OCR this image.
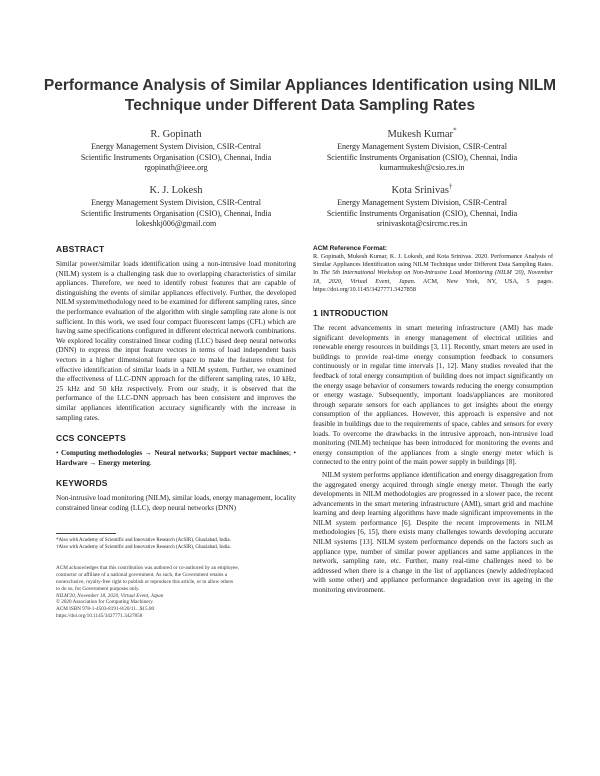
Performance Analysis of Similar Appliances Identification using NILM Technique under Different Data Sampling Rates
R. Gopinath
Energy Management System Division, CSIR-Central
Scientific Instruments Organisation (CSIO), Chennai, India
rgopinath@ieee.org
Mukesh Kumar*
Energy Management System Division, CSIR-Central
Scientific Instruments Organisation (CSIO), Chennai, India
kumarmukesh@csio.res.in
K. J. Lokesh
Energy Management System Division, CSIR-Central
Scientific Instruments Organisation (CSIO), Chennai, India
lokeshkj006@gmail.com
Kota Srinivas†
Energy Management System Division, CSIR-Central
Scientific Instruments Organisation (CSIO), Chennai, India
srinivaskota@csircmc.res.in
ABSTRACT

Similar power/similar loads identification using a non-intrusive load monitoring (NILM) system is a challenging task due to overlapping characteristics of similar appliances. Therefore, we need to identify robust features that are capable of distinguishing the events of similar appliances effectively. Further, the developed NILM system/methodology need to be examined for different sampling rates, since the performance evaluation of the algorithm with single sampling rate alone is not sufficient. In this work, we used four compact fluorescent lamps (CFL) which are having same specifications configured in different electrical network combinations. We explored locality constrained linear coding (LLC) based deep neural networks (DNN) to express the input feature vectors in terms of load independent basis vectors in a higher dimensional feature space to make the features robust for effective identification of similar loads in a NILM system. Further, we examined the effectiveness of LLC-DNN approach for the different sampling rates, 10 kHz, 25 kHz and 50 kHz respectively. From our study, it is observed that the performance of the LLC-DNN approach has been consistent and improves the similar appliances identification accuracy significantly with the increase in sampling rates.

CCS CONCEPTS

• Computing methodologies → Neural networks; Support vector machines; • Hardware → Energy metering.

KEYWORDS

Non-intrusive load monitoring (NILM), similar loads, energy management, locality constrained linear coding (LLC), deep neural networks (DNN)

*Also with Academy of Scientific and Innovative Research (AcSIR), Ghaziabad, India.
†Also with Academy of Scientific and Innovative Research (AcSIR), Ghaziabad, India.
ACM acknowledges that this contribution was authored or co-authored by an employee,
contractor or affiliate of a national government. As such, the Government retains a
nonexclusive, royalty-free right to publish or reproduce this article, or to allow others
to do so, for Government purposes only.
NILM'20, November 18, 2020, Virtual Event, Japan
© 2020 Association for Computing Machinery.
ACM ISBN 978-1-4503-8191-8/20/11...$15.00
https://doi.org/10.1145/3427771.3427858
ACM Reference Format:

R. Gopinath, Mukesh Kumar, K. J. Lokesh, and Kota Srinivas. 2020. Performance Analysis of Similar Appliances Identification using NILM Technique under Different Data Sampling Rates. In The 5th International Workshop on Non-Intrusive Load Monitoring (NILM '20), November 18, 2020, Virtual Event, Japan. ACM, New York, NY, USA, 5 pages. https://doi.org/10.1145/3427771.3427858

1 INTRODUCTION

The recent advancements in smart metering infrastructure (AMI) has made significant developments in energy management of electrical utilities and renewable energy resources in buildings [3, 11]. Recently, smart meters are used in buildings to provide real-time energy consumption feedback to consumers continuously or in regular time intervals [1, 12]. Many studies revealed that the feedback of total energy consumption of building does not impact significantly on the energy usage behavior of consumers towards reducing the energy consumption or energy wastage. Subsequently, important loads/appliances are monitored through separate sensors for each appliances to get insights about the energy consumption of the appliances. However, this approach is expensive and not feasible in buildings due to the requirements of space, cables and sensors for every loads. To overcome the drawbacks in the intrusive approach, non-intrusive load monitoring (NILM) technique has been introduced for monitoring the events and energy consumption of the appliances from a single energy meter which is connected to the entry point of the main power supply in buildings [8].

NILM system performs appliance identification and energy disaggregation from the aggregated energy acquired through single energy meter. Though the early developments in NILM methodologies are progressed in a slower pace, the recent advancements in the smart metering infrastructure (AMI), smart grid and machine learning and deep learning algorithms have made significant improvements in the NILM system performance [6]. Despite the recent improvements in NILM methodologies [6, 15], there exists many challenges towards developing accurate NILM systems [13]. NILM system performance depends on the factors such as appliance type, number of similar power appliances and same appliances in the network, sampling rate, etc. Further, many real-time challenges need to be addressed when there is a change in the list of appliances (newly added/replaced with some other) and appliance performance degradation over its ageing in the monitoring environment.
